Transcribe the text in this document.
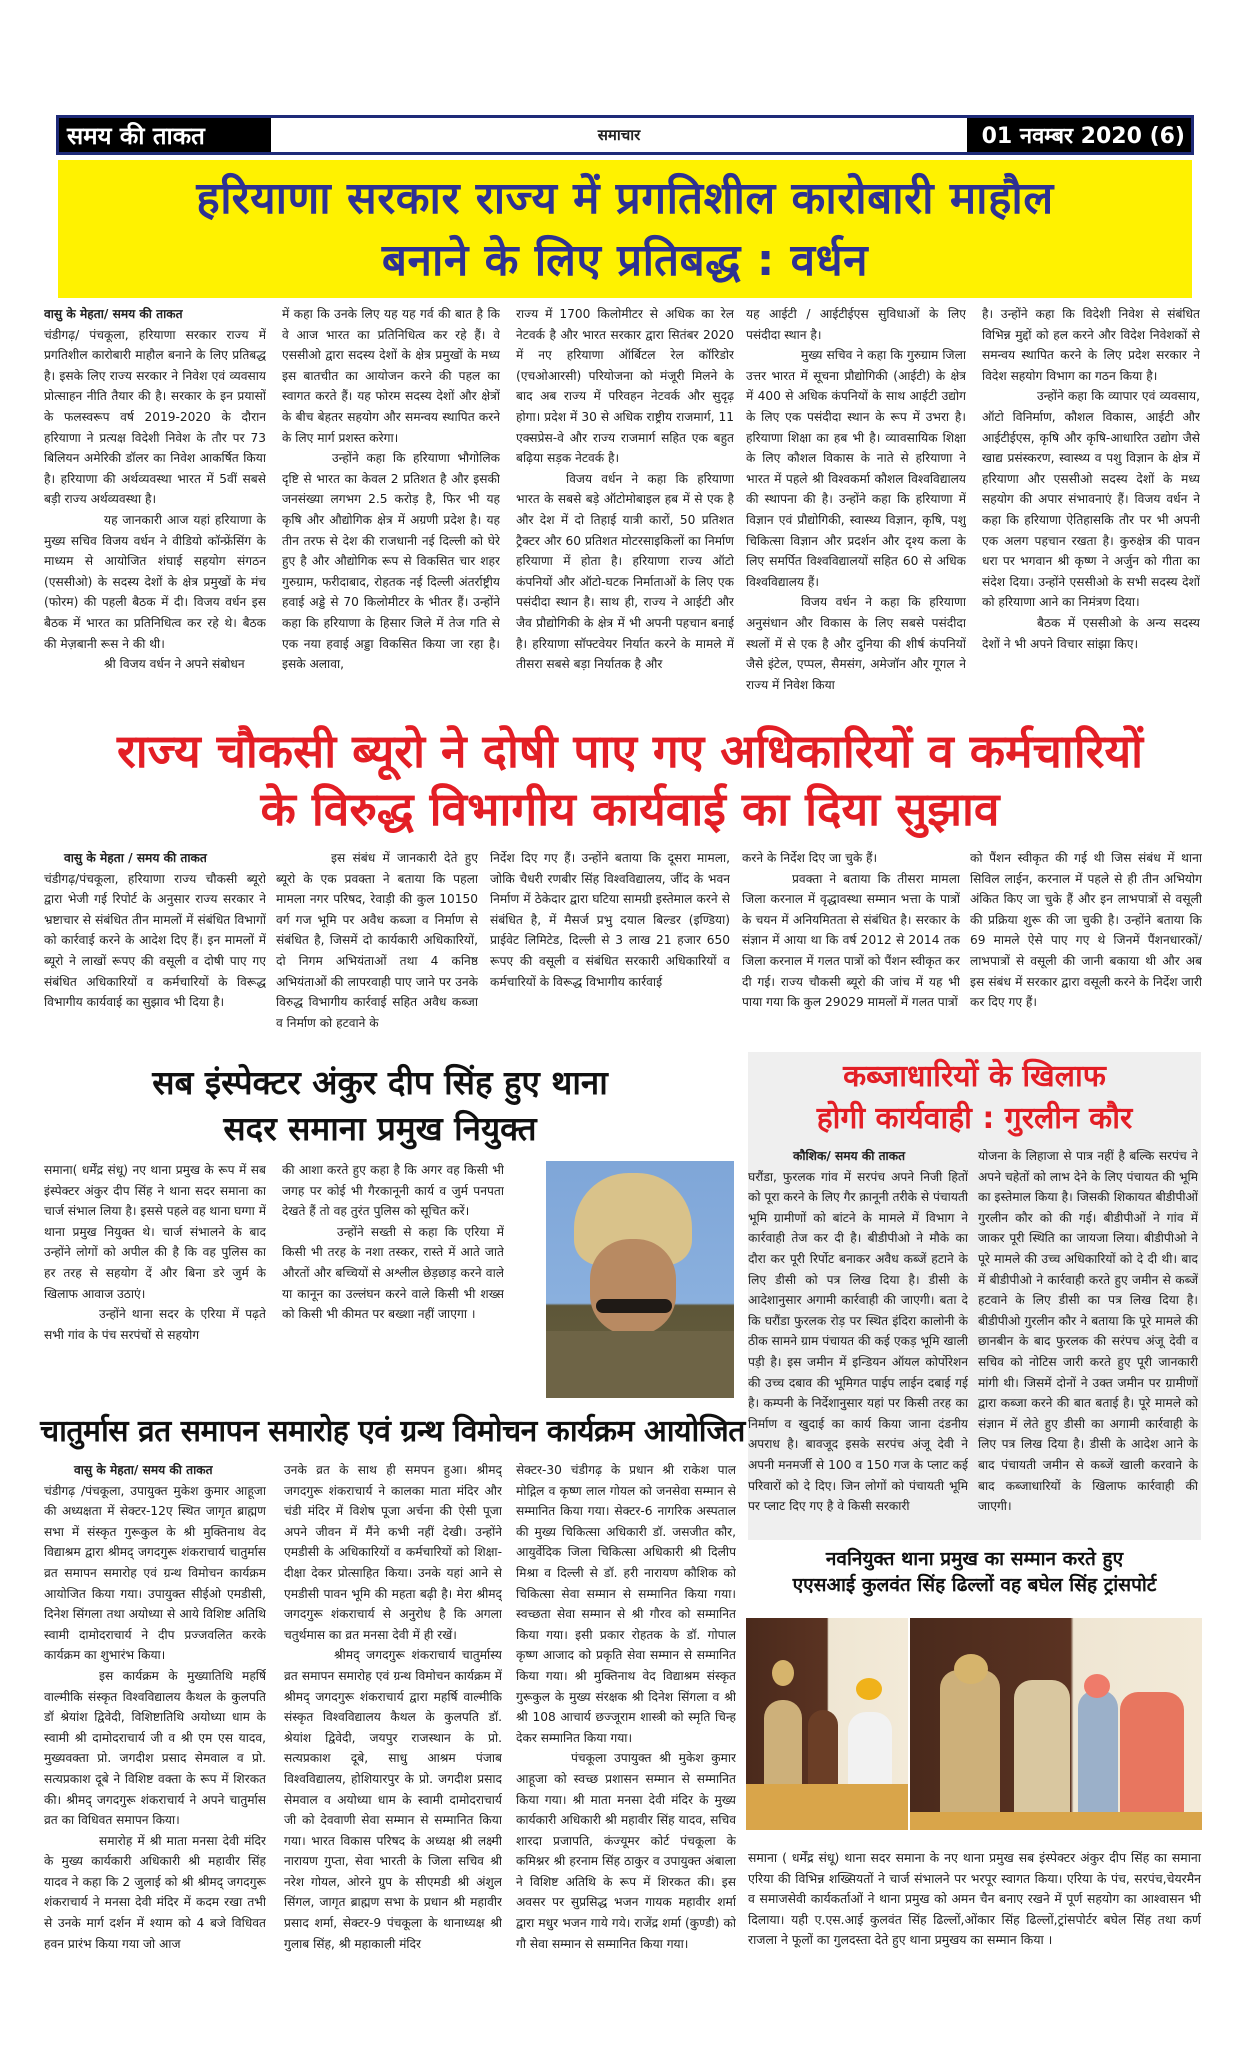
समय की ताकत	समाचार	01 नवम्बर 2020 (6)
हरियाणा सरकार राज्य में प्रगतिशील कारोबारी माहौल
बनाने के लिए प्रतिबद्ध : वर्धन

वासु के मेहता/ समय की ताकत

चंडीगढ़/ पंचकूला, हरियाणा सरकार राज्य में प्रगतिशील कारोबारी माहौल बनाने के लिए प्रतिबद्ध है। इसके लिए राज्य सरकार ने निवेश एवं व्यवसाय प्रोत्साहन नीति तैयार की है। सरकार के इन प्रयासों के फलस्वरूप वर्ष 2019-2020 के दौरान हरियाणा ने प्रत्यक्ष विदेशी निवेश के तौर पर 73 बिलियन अमेरिकी डॉलर का निवेश आकर्षित किया है। हरियाणा की अर्थव्यवस्था भारत में 5वीं सबसे बड़ी राज्य अर्थव्यवस्था है।

यह जानकारी आज यहां हरियाणा के मुख्य सचिव विजय वर्धन ने वीडियो कॉन्फ्रेंसिंग के माध्यम से आयोजित शंघाई सहयोग संगठन (एससीओ) के सदस्य देशों के क्षेत्र प्रमुखों के मंच (फोरम) की पहली बैठक में दी। विजय वर्धन इस बैठक में भारत का प्रतिनिधित्व कर रहे थे। बैठक की मेज़बानी रूस ने की थी।

श्री विजय वर्धन ने अपने संबोधन

में कहा कि उनके लिए यह यह गर्व की बात है कि वे आज भारत का प्रतिनिधित्व कर रहे हैं। वे एससीओ द्वारा सदस्य देशों के क्षेत्र प्रमुखों के मध्य इस बातचीत का आयोजन करने की पहल का स्वागत करते हैं। यह फोरम सदस्य देशों और क्षेत्रों के बीच बेहतर सहयोग और समन्वय स्थापित करने के लिए मार्ग प्रशस्त करेगा।

उन्होंने कहा कि हरियाणा भौगोलिक दृष्टि से भारत का केवल 2 प्रतिशत है और इसकी जनसंख्या लगभग 2.5 करोड़ है, फिर भी यह कृषि और औद्योगिक क्षेत्र में अग्रणी प्रदेश है। यह तीन तरफ से देश की राजधानी नई दिल्ली को घेरे हुए है और औद्योगिक रूप से विकसित चार शहर गुरुग्राम, फरीदाबाद, रोहतक नई दिल्ली अंतर्राष्ट्रीय हवाई अड्डे से 70 किलोमीटर के भीतर हैं। उन्होंने कहा कि हरियाणा के हिसार जिले में तेज गति से एक नया हवाई अड्डा विकसित किया जा रहा है। इसके अलावा,

राज्य में 1700 किलोमीटर से अधिक का रेल नेटवर्क है और भारत सरकार द्वारा सितंबर 2020 में नए हरियाणा ऑर्बिटल रेल कॉरिडोर (एचओआरसी) परियोजना को मंजूरी मिलने के बाद अब राज्य में परिवहन नेटवर्क और सुदृढ़ होगा। प्रदेश में 30 से अधिक राष्ट्रीय राजमार्ग, 11 एक्सप्रेस-वे और राज्य राजमार्ग सहित एक बहुत बढ़िया सड़क नेटवर्क है।

विजय वर्धन ने कहा कि हरियाणा भारत के सबसे बड़े ऑटोमोबाइल हब में से एक है और देश में दो तिहाई यात्री कारों, 50 प्रतिशत ट्रैक्टर और 60 प्रतिशत मोटरसाइकिलों का निर्माण हरियाणा में होता है। हरियाणा राज्य ऑटो कंपनियों और ऑटो-घटक निर्माताओं के लिए एक पसंदीदा स्थान है। साथ ही, राज्य ने आईटी और जैव प्रौद्योगिकी के क्षेत्र में भी अपनी पहचान बनाई है। हरियाणा सॉफ्टवेयर निर्यात करने के मामले में तीसरा सबसे बड़ा निर्यातक है और

यह आईटी / आईटीईएस सुविधाओं के लिए पसंदीदा स्थान है।

मुख्य सचिव ने कहा कि गुरुग्राम जिला उत्तर भारत में सूचना प्रौद्योगिकी (आईटी) के क्षेत्र में 400 से अधिक कंपनियों के साथ आईटी उद्योग के लिए एक पसंदीदा स्थान के रूप में उभरा है। हरियाणा शिक्षा का हब भी है। व्यावसायिक शिक्षा के लिए कौशल विकास के नाते से हरियाणा ने भारत में पहले श्री विश्वकर्मा कौशल विश्वविद्यालय की स्थापना की है। उन्होंने कहा कि हरियाणा में विज्ञान एवं प्रौद्योगिकी, स्वास्थ्य विज्ञान, कृषि, पशु चिकित्सा विज्ञान और प्रदर्शन और दृश्य कला के लिए समर्पित विश्वविद्यालयों सहित 60 से अधिक विश्वविद्यालय हैं।

विजय वर्धन ने कहा कि हरियाणा अनुसंधान और विकास के लिए सबसे पसंदीदा स्थलों में से एक है और दुनिया की शीर्ष कंपनियों जैसे इंटेल, एप्पल, सैमसंग, अमेजॉन और गूगल ने राज्य में निवेश किया

है। उन्होंने कहा कि विदेशी निवेश से संबंधित विभिन्न मुद्दों को हल करने और विदेश निवेशकों से समन्वय स्थापित करने के लिए प्रदेश सरकार ने विदेश सहयोग विभाग का गठन किया है।

उन्होंने कहा कि व्यापार एवं व्यवसाय, ऑटो विनिर्माण, कौशल विकास, आईटी और आईटीईएस, कृषि और कृषि-आधारित उद्योग जैसे खाद्य प्रसंस्करण, स्वास्थ्य व पशु विज्ञान के क्षेत्र में हरियाणा और एससीओ सदस्य देशों के मध्य सहयोग की अपार संभावनाएं हैं। विजय वर्धन ने कहा कि हरियाणा ऐतिहासकि तौर पर भी अपनी एक अलग पहचान रखता है। कुरुक्षेत्र की पावन धरा पर भगवान श्री कृष्ण ने अर्जुन को गीता का संदेश दिया। उन्होंने एससीओ के सभी सदस्य देशों को हरियाणा आने का निमंत्रण दिया।

बैठक में एससीओ के अन्य सदस्य देशों ने भी अपने विचार सांझा किए।

राज्य चौकसी ब्यूरो ने दोषी पाए गए अधिकारियों व कर्मचारियों
के विरुद्ध विभागीय कार्यवाई का दिया सुझाव

वासु के मेहता / समय की ताकत

चंडीगढ़/पंचकूला, हरियाणा राज्य चौकसी ब्यूरो द्वारा भेजी गई रिपोर्ट के अनुसार राज्य सरकार ने भ्रष्टाचार से संबंधित तीन मामलों में संबंधित विभागों को कार्रवाई करने के आदेश दिए हैं। इन मामलों में ब्यूरो ने लाखों रूपए की वसूली व दोषी पाए गए संबंधित अधिकारियों व कर्मचारियों के विरूद्ध विभागीय कार्यवाई का सुझाव भी दिया है।

इस संबंध में जानकारी देते हुए ब्यूरो के एक प्रवक्ता ने बताया कि पहला मामला नगर परिषद, रेवाड़ी की कुल 10150 वर्ग गज भूमि पर अवैध कब्जा व निर्माण से संबंधित है, जिसमें दो कार्यकारी अधिकारियों, दो निगम अभियंताओं तथा 4 कनिष्ठ अभियंताओं की लापरवाही पाए जाने पर उनके विरुद्ध विभागीय कार्रवाई सहित अवैध कब्जा व निर्माण को हटवाने के

निर्देश दिए गए हैं। उन्होंने बताया कि दूसरा मामला, जोकि चैधरी रणबीर सिंह विश्वविद्यालय, जींद के भवन निर्माण में ठेकेदार द्वारा घटिया सामग्री इस्तेमाल करने से संबंधित है, में मैसर्ज प्रभु दयाल बिल्डर (इण्डिया) प्राईवेट लिमिटेड, दिल्ली से 3 लाख 21 हजार 650 रूपए की वसूली व संबंधित सरकारी अधिकारियों व कर्मचारियों के विरूद्ध विभागीय कार्रवाई

करने के निर्देश दिए जा चुके हैं।

प्रवक्ता ने बताया कि तीसरा मामला जिला करनाल में वृद्धावस्था सम्मान भत्ता के पात्रों के चयन में अनियमितता से संबंधित है। सरकार के संज्ञान में आया था कि वर्ष 2012 से 2014 तक जिला करनाल में गलत पात्रों को पैंशन स्वीकृत कर दी गई। राज्य चौकसी ब्यूरो की जांच में यह भी पाया गया कि कुल 29029 मामलों में गलत पात्रों

को पैंशन स्वीकृत की गई थी जिस संबंध में थाना सिविल लाईन, करनाल में पहले से ही तीन अभियोग अंकित किए जा चुके हैं और इन लाभपात्रों से वसूली की प्रक्रिया शुरू की जा चुकी है। उन्होंने बताया कि 69 मामले ऐसे पाए गए थे जिनमें पैंशनधारकों/ लाभपात्रों से वसूली की जानी बकाया थी और अब इस संबंध में सरकार द्वारा वसूली करने के निर्देश जारी कर दिए गए हैं।

सब इंस्पेक्टर अंकुर दीप सिंह हुए थाना
सदर समाना प्रमुख नियुक्त

समाना( धर्मेंद्र संधू) नए थाना प्रमुख के रूप में सब इंस्पेक्टर अंकुर दीप सिंह ने थाना सदर समाना का चार्ज संभाल लिया है। इससे पहले वह थाना घग्गा में थाना प्रमुख नियुक्त थे। चार्ज संभालने के बाद उन्होंने लोगों को अपील की है कि वह पुलिस का हर तरह से सहयोग दें और बिना डरे जुर्म के खिलाफ आवाज उठाएं।

उन्होंने थाना सदर के एरिया में पढ़ते सभी गांव के पंच सरपंचों से सहयोग

की आशा करते हुए कहा है कि अगर वह किसी भी जगह पर कोई भी गैरकानूनी कार्य व जुर्म पनपता देखते हैं तो वह तुरंत पुलिस को सूचित करें।

उन्होंने सख्ती से कहा कि एरिया में किसी भी तरह के नशा तस्कर, रास्ते में आते जाते औरतों और बच्चियों से अश्लील छेड़छाड़ करने वाले या कानून का उल्लंघन करने वाले किसी भी शख्स को किसी भी कीमत पर बख्शा नहीं जाएगा ।

कब्जाधारियों के खिलाफ
होगी कार्यवाही : गुरलीन कौर

कौशिक/ समय की ताकत

घरौंडा, फुरलक गांव में सरपंच अपने निजी हितों को पूरा करने के लिए गैर क़ानूनी तरीके से पंचायती भूमि ग्रामीणों को बांटने के मामले में विभाग ने कार्रवाही तेज कर दी है। बीडीपीओ ने मौके का दौरा कर पूरी रिर्पोट बनाकर अवैध कब्जें हटाने के लिए डीसी को पत्र लिख दिया है। डीसी के आदेशानुसार अगामी कार्रवाही की जाएगी। बता दे कि घरौंडा फुरलक रोड़ पर स्थित इंदिरा कालोनी के ठीक सामने ग्राम पंचायत की कई एकड़ भूमि खाली पड़ी है। इस जमीन में इन्डियन ऑयल कोर्पोरेशन की उच्च दबाव की भूमिगत पाईप लाईन दबाई गई है। कम्पनी के निर्देशानुसार यहां पर किसी तरह का निर्माण व खुदाई का कार्य किया जाना दंडनीय अपराध है। बावजूद इसके सरपंच अंजू देवी ने अपनी मनमर्जी से 100 व 150 गज के प्लाट कई परिवारों को दे दिए। जिन लोगों को पंचायती भूमि पर प्लाट दिए गए है वे किसी सरकारी

योजना के लिहाजा से पात्र नहीं है बल्कि सरपंच ने अपने चहेतों को लाभ देने के लिए पंचायत की भूमि का इस्तेमाल किया है। जिसकी शिकायत बीडीपीओं गुरलीन कौर को की गई। बीडीपीओं ने गांव में जाकर पूरी स्थिति का जायजा लिया। बीडीपीओ ने पूरे मामले की उच्च अधिकारियों को दे दी थी। बाद में बीडीपीओ ने कार्रवाही करते हुए जमीन से कब्जें हटवाने के लिए डीसी का पत्र लिख दिया है। बीडीपीओ गुरलीन कौर ने बताया कि पूरे मामले की छानबीन के बाद फुरलक की सरंपच अंजू देवी व सचिव को नोटिस जारी करते हुए पूरी जानकारी मांगी थी। जिसमें दोनों ने उक्त जमीन पर ग्रामीणों द्वारा कब्जा करने की बात बताई है। पूरे मामले को संज्ञान में लेते हुए डीसी का अगामी कार्रवाही के लिए पत्र लिख दिया है। डीसी के आदेश आने के बाद पंचायती जमीन से कब्जें खाली करवाने के बाद कब्जाधारियों के खिलाफ कार्रवाही की जाएगी।

चातुर्मास व्रत समापन समारोह एवं ग्रन्थ विमोचन कार्यक्रम आयोजित

वासु के मेहता/ समय की ताकत

चंडीगढ़ /पंचकूला, उपायुक्त मुकेश कुमार आहूजा की अध्यक्षता में सेक्टर-12ए स्थित जागृत ब्राह्मण सभा में संस्कृत गुरूकुल के श्री मुक्तिनाथ वेद विद्याश्रम द्वारा श्रीमद् जगदगुरू शंकराचार्य चातुर्मास व्रत समापन समारोह एवं ग्रन्थ विमोचन कार्यक्रम आयोजित किया गया। उपायुक्त सीईओ एमडीसी, दिनेश सिंगला तथा अयोध्या से आये विशिष्ट अतिथि स्वामी दामोदराचार्य ने दीप प्रज्जवलित करके कार्यक्रम का शुभारंभ किया।

इस कार्यक्रम के मुख्यातिथि महर्षि वाल्मीकि संस्कृत विश्वविद्यालय कैथल के कुलपति डॉ श्रेयांश द्विवेदी, विशिष्टातिथि अयोध्या धाम के स्वामी श्री दामोदराचार्य जी व श्री एम एस यादव, मुख्यवक्ता प्रो. जगदीश प्रसाद सेमवाल व प्रो. सत्यप्रकाश दूबे ने विशिष्ट वक्ता के रूप में शिरकत की। श्रीमद् जगदगुरू शंकराचार्य ने अपने चातुर्मास व्रत का विधिवत समापन किया।

समारोह में श्री माता मनसा देवी मंदिर के मुख्य कार्यकारी अधिकारी श्री महावीर सिंह यादव ने कहा कि 2 जुलाई को श्री श्रीमद् जगदगुरू शंकराचार्य ने मनसा देवी मंदिर में कदम रखा तभी से उनके मार्ग दर्शन में श्याम को 4 बजे विधिवत हवन प्रारंभ किया गया जो आज

उनके व्रत के साथ ही समपन हुआ। श्रीमद् जगदगुरू शंकराचार्य ने कालका माता मंदिर और चंडी मंदिर में विशेष पूजा अर्चना की ऐसी पूजा अपने जीवन में मैंने कभी नहीं देखी। उन्होंने एमडीसी के अधिकारियों व कर्मचारियों को शिक्षा-दीक्षा देकर प्रोत्साहित किया। उनके यहां आने से एमडीसी पावन भूमि की महता बढ़ी है। मेरा श्रीमद् जगदगुरू शंकराचार्य से अनुरोध है कि अगला चतुर्थमास का व्रत मनसा देवी में ही रखें।

श्रीमद् जगदगुरू शंकराचार्य चातुर्मास्य व्रत समापन समारोह एवं ग्रन्थ विमोचन कार्यक्रम में श्रीमद् जगदगुरू शंकराचार्य द्वारा महर्षि वाल्मीकि संस्कृत विश्वविद्यालय कैथल के कुलपति डॉ. श्रेयांश द्विवेदी, जयपुर राजस्थान के प्रो. सत्यप्रकाश दूबे, साधु आश्रम पंजाब विश्वविद्यालय, होशियारपुर के प्रो. जगदीश प्रसाद सेमवाल व अयोध्या धाम के स्वामी दामोदराचार्य जी को देववाणी सेवा सम्मान से सम्मानित किया गया। भारत विकास परिषद के अध्यक्ष श्री लक्ष्मी नारायण गुप्ता, सेवा भारती के जिला सचिव श्री नरेश गोयल, ओरने ग्रुप के सीएमडी श्री अंशुल सिंगल, जागृत ब्राह्मण सभा के प्रधान श्री महावीर प्रसाद शर्मा, सेक्टर-9 पंचकूला के थानाध्यक्ष श्री गुलाब सिंह, श्री महाकाली मंदिर

सेक्टर-30 चंडीगढ़ के प्रधान श्री राकेश पाल मोद्गिल व कृष्ण लाल गोयल को जनसेवा सम्मान से सम्मानित किया गया। सेक्टर-6 नागरिक अस्पताल की मुख्य चिकित्सा अधिकारी डॉ. जसजीत कौर, आयुर्वेदिक जिला चिकित्सा अधिकारी श्री दिलीप मिश्रा व दिल्ली से डॉ. हरी नारायण कौशिक को चिकित्सा सेवा सम्मान से सम्मानित किया गया। स्वच्छता सेवा सम्मान से श्री गौरव को सम्मानित किया गया। इसी प्रकार रोहतक के डॉ. गोपाल कृष्ण आजाद को प्रकृति सेवा सम्मान से सम्मानित किया गया। श्री मुक्तिनाथ वेद विद्याश्रम संस्कृत गुरूकुल के मुख्य संरक्षक श्री दिनेश सिंगला व श्री श्री 108 आचार्य छज्जूराम शास्त्री को स्मृति चिन्ह देकर सम्मानित किया गया।

पंचकूला उपायुक्त श्री मुकेश कुमार आहूजा को स्वच्छ प्रशासन सम्मान से सम्मानित किया गया। श्री माता मनसा देवी मंदिर के मुख्य कार्यकारी अधिकारी श्री महावीर सिंह यादव, सचिव शारदा प्रजापति, कंज्यूमर कोर्ट पंचकूला के कमिश्नर श्री हरनाम सिंह ठाकुर व उपायुक्त अंबाला ने विशिष्ट अतिथि के रूप में शिरकत की। इस अवसर पर सुप्रसिद्ध भजन गायक महावीर शर्मा द्वारा मधुर भजन गाये गये। राजेंद्र शर्मा (कुण्डी) को गौ सेवा सम्मान से सम्मानित किया गया।

नवनियुक्त थाना प्रमुख का सम्मान करते हुए
एएसआई कुलवंत सिंह ढिल्लों वह बघेल सिंह ट्रांसपोर्ट
समाना ( धर्मेंद्र संधू) थाना सदर समाना के नए थाना प्रमुख सब इंस्पेक्टर अंकुर दीप सिंह का समाना एरिया की विभिन्न शख्सियतों ने चार्ज संभालने पर भरपूर स्वागत किया। एरिया के पंच, सरपंच,चेयरमैन व समाजसेवी कार्यकर्ताओं ने थाना प्रमुख को अमन चैन बनाए रखने में पूर्ण सहयोग का आश्वासन भी दिलाया। यही ए.एस.आई कुलवंत सिंह ढिल्लों,ओंकार सिंह ढिल्लों,ट्रांसपोर्टर बघेल सिंह तथा कर्ण राजला ने फूलों का गुलदस्ता देते हुए थाना प्रमुखय का सम्मान किया ।
